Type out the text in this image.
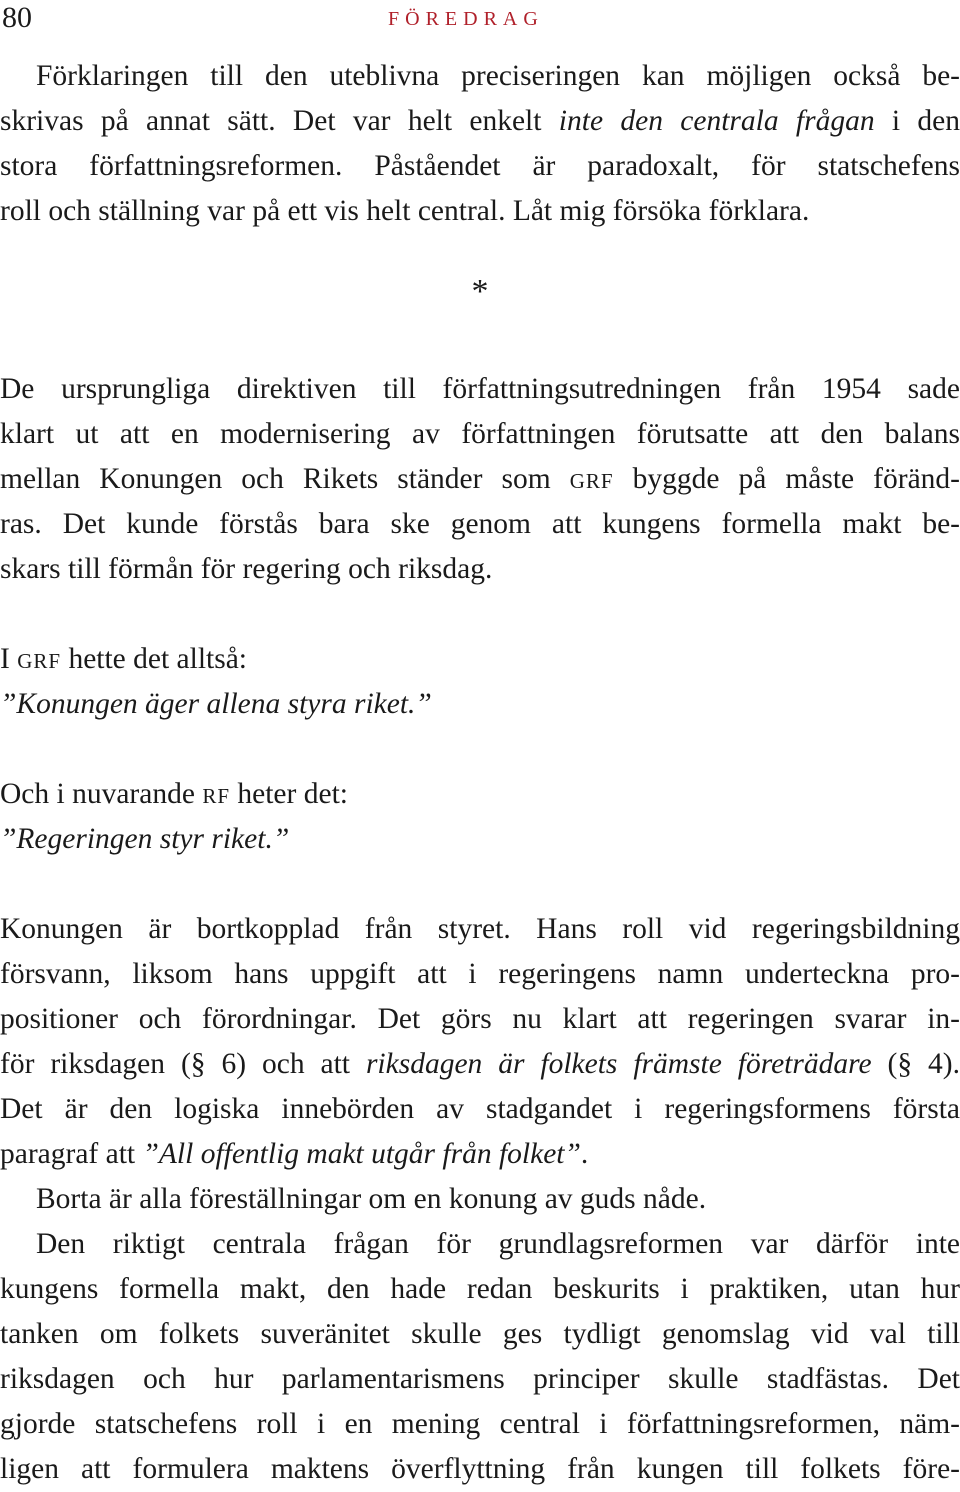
80	FÖREDRAG
Förklaringen till den uteblivna preciseringen kan möjligen också be-
skrivas på annat sätt. Det var helt enkelt inte den centrala frågan i den
stora författningsreformen. Påståendet är paradoxalt, för statschefens
roll och ställning var på ett vis helt central. Låt mig försöka förklara.
*
De ursprungliga direktiven till författningsutredningen från 1954 sade
klart ut att en modernisering av författningen förutsatte att den balans
mellan Konungen och Rikets ständer som grf byggde på måste föränd-
ras. Det kunde förstås bara ske genom att kungens formella makt be-
skars till förmån för regering och riksdag.
I grf hette det alltså:
”Konungen äger allena styra riket.”
Och i nuvarande rf heter det:
”Regeringen styr riket.”
Konungen är bortkopplad från styret. Hans roll vid regeringsbildning
försvann, liksom hans uppgift att i regeringens namn underteckna pro-
positioner och förordningar. Det görs nu klart att regeringen svarar in-
för riksdagen (§ 6) och att riksdagen är folkets främste företrädare (§ 4).
Det är den logiska innebörden av stadgandet i regeringsformens första
paragraf att ”All offentlig makt utgår från folket”.
Borta är alla föreställningar om en konung av guds nåde.
Den riktigt centrala frågan för grundlagsreformen var därför inte
kungens formella makt, den hade redan beskurits i praktiken, utan hur
tanken om folkets suveränitet skulle ges tydligt genomslag vid val till
riksdagen och hur parlamentarismens principer skulle stadfästas. Det
gjorde statschefens roll i en mening central i författningsreformen, näm-
ligen att formulera maktens överflyttning från kungen till folkets före-
